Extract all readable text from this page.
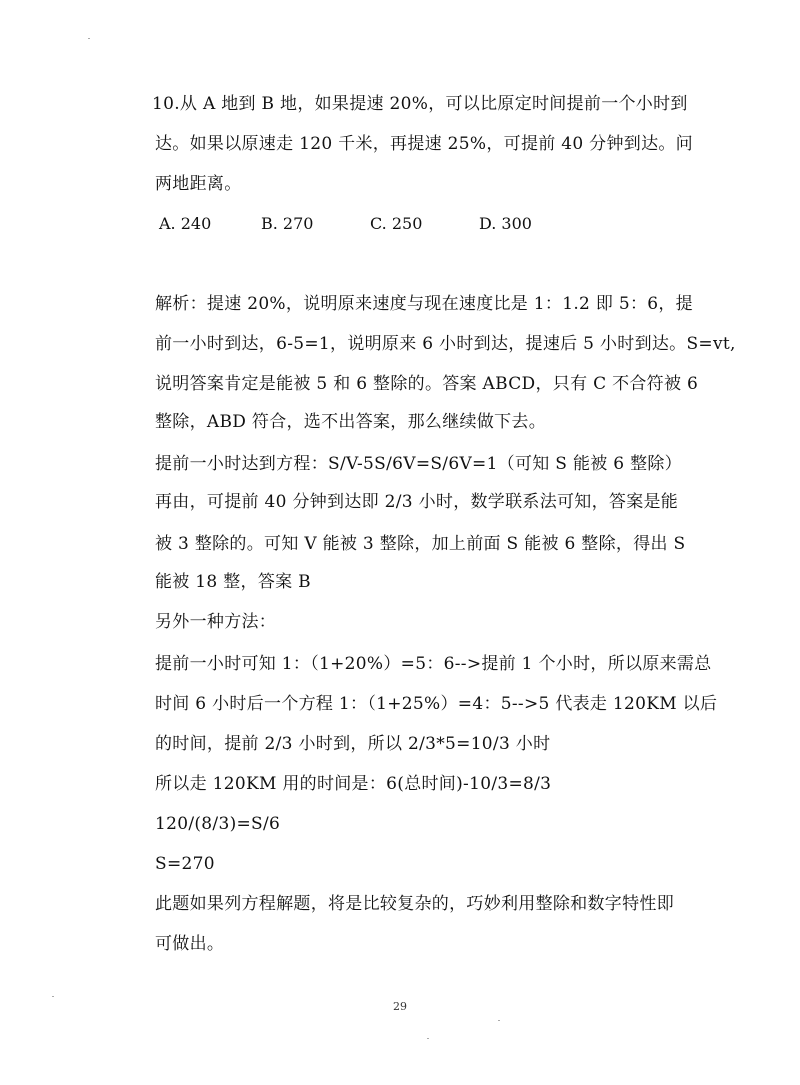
10.从 A 地到 B 地，如果提速 20%，可以比原定时间提前一个小时到
达。如果以原速走 120 千米，再提速 25%，可提前 40 分钟到达。问
两地距离。
A. 240	B. 270	C. 250	D. 300
解析：提速 20%，说明原来速度与现在速度比是 1：1.2 即 5：6，提
前一小时到达，6-5=1，说明原来 6 小时到达，提速后 5 小时到达。S=vt,
说明答案肯定是能被 5 和 6 整除的。答案 ABCD，只有 C 不合符被 6
整除，ABD 符合，选不出答案，那么继续做下去。
提前一小时达到方程：S/V-5S/6V=S/6V=1（可知 S 能被 6 整除）
再由，可提前 40 分钟到达即 2/3 小时，数学联系法可知，答案是能
被 3 整除的。可知 V 能被 3 整除，加上前面 S 能被 6 整除，得出 S
能被 18 整，答案 B
另外一种方法：
提前一小时可知 1：（1+20%）=5：6-->提前 1 个小时，所以原来需总
时间 6 小时后一个方程 1：（1+25%）=4：5-->5 代表走 120KM 以后
的时间，提前 2/3 小时到，所以 2/3*5=10/3 小时
所以走 120KM 用的时间是：6(总时间)-10/3=8/3
120/(8/3)=S/6
S=270
此题如果列方程解题，将是比较复杂的，巧妙利用整除和数字特性即
可做出。
29
